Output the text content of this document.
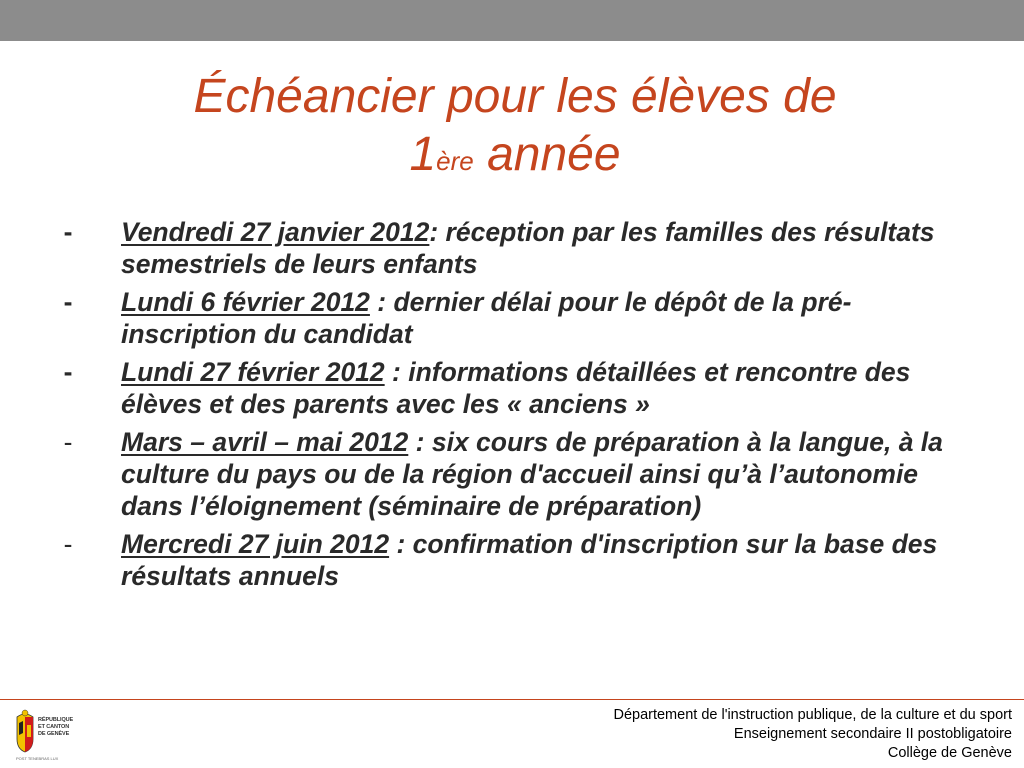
Échéancier pour les élèves de
1ère année
- Vendredi 27 janvier 2012: réception par les familles des résultats semestriels de leurs enfants
- Lundi 6 février 2012 : dernier délai pour le dépôt de la pré-inscription du candidat
- Lundi 27 février 2012 : informations détaillées et rencontre des élèves et des parents avec les « anciens »
- Mars – avril – mai 2012 : six cours de préparation à la langue, à la culture du pays ou de la région d'accueil ainsi qu’à l’autonomie dans l’éloignement (séminaire de préparation)
- Mercredi 27 juin 2012 : confirmation d'inscription sur la base des résultats annuels
RÉPUBLIQUE
ET CANTON
DE GENÈVE
POST TENEBRAS LUX
Département de l'instruction publique, de la culture et du sport
Enseignement secondaire II postobligatoire
Collège de Genève
